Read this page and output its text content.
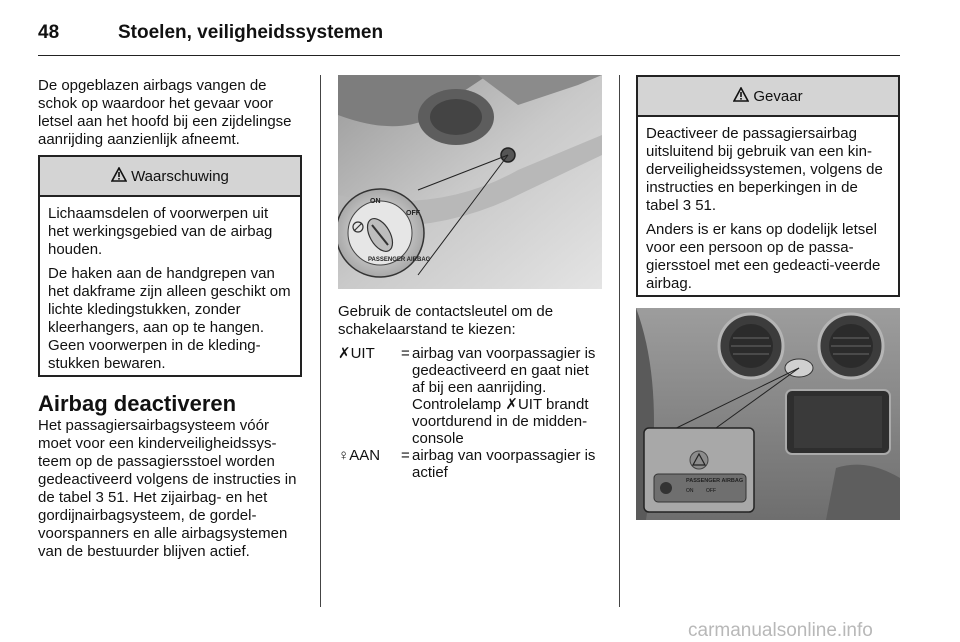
48	Stoelen, veiligheidssystemen
De opgeblazen airbags vangen de schok op waardoor het gevaar voor letsel aan het hoofd bij een zijdelingse aanrijding aanzienlijk afneemt.
Waarschuwing

Lichaamsdelen of voorwerpen uit het werkingsgebied van de airbag houden.

De haken aan de handgrepen van het dakframe zijn alleen geschikt om lichte kledingstukken, zonder kleerhangers, aan op te hangen. Geen voorwerpen in de kleding-stukken bewaren.

Airbag deactiveren
Het passagiersairbagsysteem vóór moet voor een kinderveiligheidssys-teem op de passagiersstoel worden gedeactiveerd volgens de instructies in de tabel 3 51. Het zijairbag- en het gordijnairbagsysteem, de gordel-voorspanners en alle airbagsystemen van de bestuurder blijven actief.
ON
OFF
PASSENGER AIRBAG
Gebruik de contactsleutel om de schakelaarstand te kiezen:
✗UIT	= airbag van voorpassagier is gedeactiveerd en gaat niet af bij een aanrijding. Controlelamp ✗UIT brandt voortdurend in de midden-console
♀AAN	= airbag van voorpassagier is actief
Gevaar

Deactiveer de passagiersairbag uitsluitend bij gebruik van een kin-derveiligheidssystemen, volgens de instructies en beperkingen in de tabel 3 51.

Anders is er kans op dodelijk letsel voor een persoon op de passa-giersstoel met een gedeacti-veerde airbag.

PASSENGER AIRBAG
ON	OFF
carmanualsonline.info
